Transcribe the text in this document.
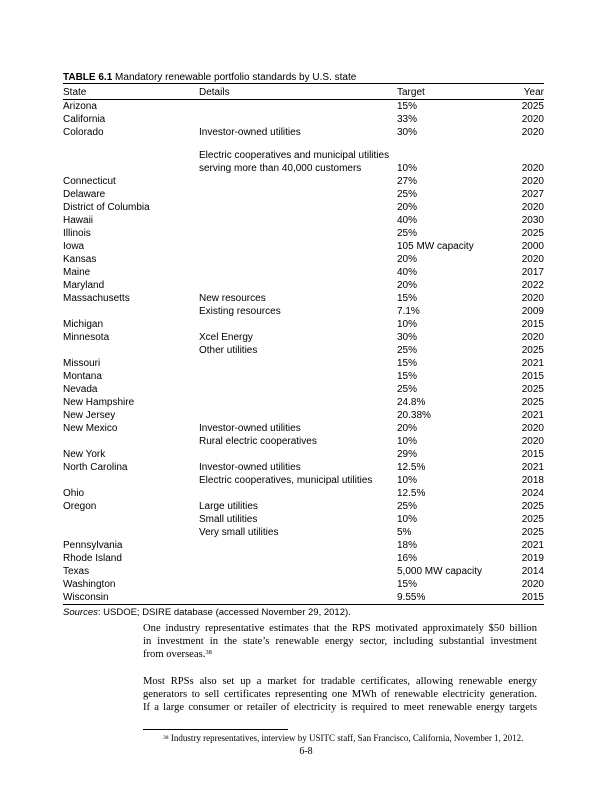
TABLE 6.1 Mandatory renewable portfolio standards by U.S. state
State	Details	Target	Year
Arizona		15%	2025
California		33%	2020
Colorado	Investor-owned utilities	30%	2020
	Electric cooperatives and municipal utilities serving more than 40,000 customers	10%	2020
Connecticut		27%	2020
Delaware		25%	2027
District of Columbia		20%	2020
Hawaii		40%	2030
Illinois		25%	2025
Iowa		105 MW capacity	2000
Kansas		20%	2020
Maine		40%	2017
Maryland		20%	2022
Massachusetts	New resources	15%	2020
	Existing resources	7.1%	2009
Michigan		10%	2015
Minnesota	Xcel Energy	30%	2020
	Other utilities	25%	2025
Missouri		15%	2021
Montana		15%	2015
Nevada		25%	2025
New Hampshire		24.8%	2025
New Jersey		20.38%	2021
New Mexico	Investor-owned utilities	20%	2020
	Rural electric cooperatives	10%	2020
New York		29%	2015
North Carolina	Investor-owned utilities	12.5%	2021
	Electric cooperatives, municipal utilities	10%	2018
Ohio		12.5%	2024
Oregon	Large utilities	25%	2025
	Small utilities	10%	2025
	Very small utilities	5%	2025
Pennsylvania		18%	2021
Rhode Island		16%	2019
Texas		5,000 MW capacity	2014
Washington		15%	2020
Wisconsin		9.55%	2015
Sources: USDOE; DSIRE database (accessed November 29, 2012).
One industry representative estimates that the RPS motivated approximately $50 billion
in investment in the state’s renewable energy sector, including substantial investment
from overseas.$^{38}$
Most RPSs also set up a market for tradable certificates, allowing renewable energy
generators to sell certificates representing one MWh of renewable electricity generation.
If a large consumer or retailer of electricity is required to meet renewable energy targets
$^{38}$ Industry representatives, interview by USITC staff, San Francisco, California, November 1, 2012.
6-8
